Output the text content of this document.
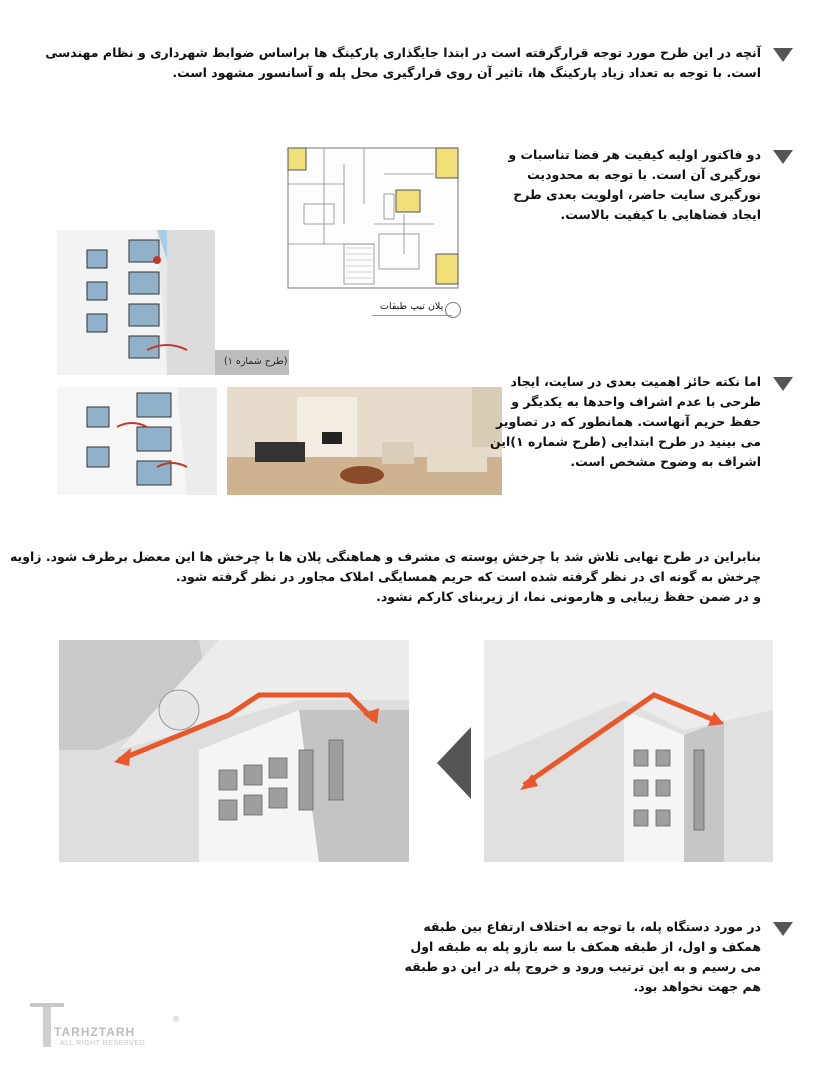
آنچه در این طرح مورد توجه قرارگرفته است در ابتدا جایگذاری پارکینگ ها براساس ضوابط شهرداری و نظام مهندسی
است. با توجه به تعداد زیاد پارکینگ ها، تاثیر آن روی قرارگیری محل پله و آسانسور مشهود است.
دو فاکتور اولیه کیفیت هر فضا تناسبات و
نورگیری آن است. با توجه به محدودیت
نورگیری سایت حاضر، اولویت بعدی طرح
ایجاد فضاهایی با کیفیت بالاست.
پلان تیپ طبقات
(طرح شماره ۱)
اما نکته حائز اهمیت بعدی در سایت، ایجاد
طرحی با عدم اشراف واحدها به یکدیگر و
حفظ حریم آنهاست. همانطور که در تصاویر
می بینید در طرح ابتدایی (طرح شماره ۱)این
اشراف به وضوح مشخص است.
بنابراین در طرح نهایی تلاش شد با چرخش پوسته ی مشرف و هماهنگی پلان ها با چرخش ها این معضل برطرف شود. زاویه
چرخش به گونه ای در نظر گرفته شده است که حریم همسایگی املاک مجاور در نظر گرفته شود.
و در ضمن حفظ زیبایی و هارمونی نما، از زیربنای کارکم نشود.
در مورد دستگاه پله، با توجه به اختلاف ارتفاع بین طبقه
همکف و اول، از طبقه همکف با سه بازو پله به طبقه اول
می رسیم و به این ترتیب ورود و خروج پله در این دو طبقه
هم جهت نخواهد بود.
TARHZTARH
ALL RIGHT RESERVED
®
